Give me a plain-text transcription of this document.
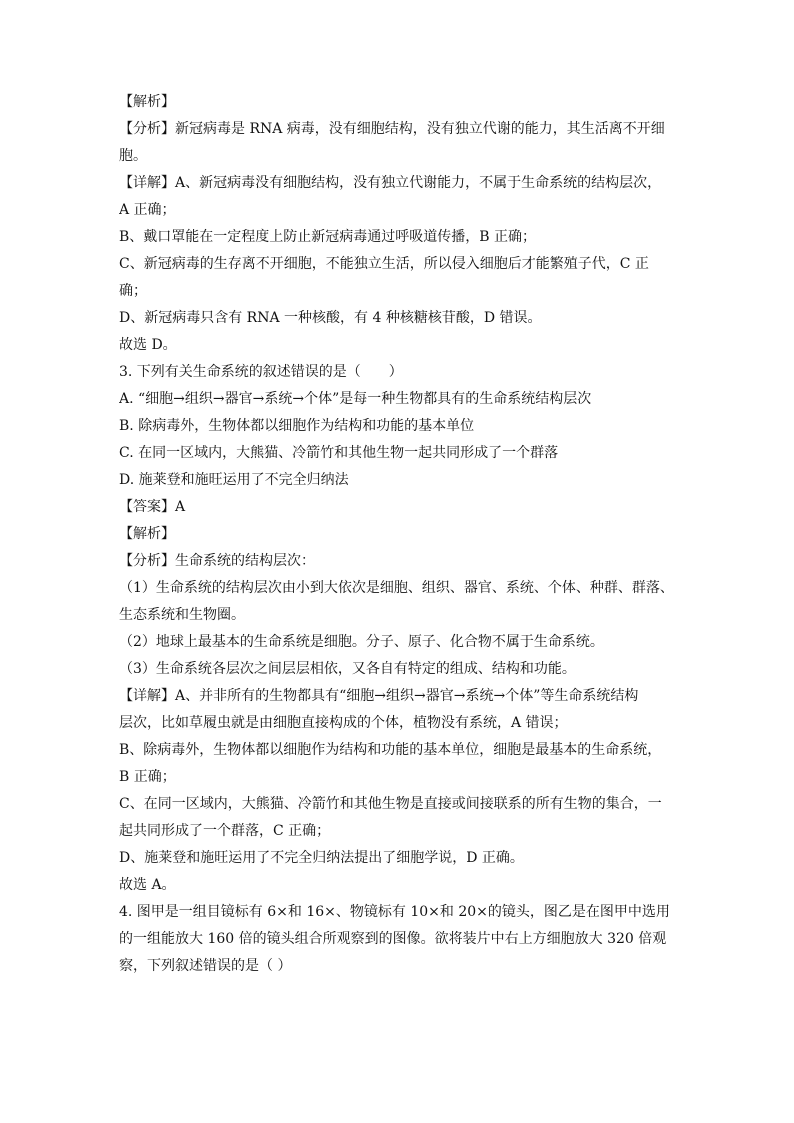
【解析】
【分析】新冠病毒是 RNA 病毒，没有细胞结构，没有独立代谢的能力，其生活离不开细
胞。
【详解】A、新冠病毒没有细胞结构，没有独立代谢能力，不属于生命系统的结构层次，
A 正确；
B、戴口罩能在一定程度上防止新冠病毒通过呼吸道传播，B 正确；
C、新冠病毒的生存离不开细胞，不能独立生活，所以侵入细胞后才能繁殖子代，C 正
确；
D、新冠病毒只含有 RNA 一种核酸，有 4 种核糖核苷酸，D 错误。
故选 D。
3. 下列有关生命系统的叙述错误的是（　　）
A. “细胞→组织→器官→系统→个体”是每一种生物都具有的生命系统结构层次
B. 除病毒外，生物体都以细胞作为结构和功能的基本单位
C. 在同一区域内，大熊猫、冷箭竹和其他生物一起共同形成了一个群落
D. 施莱登和施旺运用了不完全归纳法
【答案】A
【解析】
【分析】生命系统的结构层次：
（1）生命系统的结构层次由小到大依次是细胞、组织、器官、系统、个体、种群、群落、
生态系统和生物圈。
（2）地球上最基本的生命系统是细胞。分子、原子、化合物不属于生命系统。
（3）生命系统各层次之间层层相依，又各自有特定的组成、结构和功能。
【详解】A、并非所有的生物都具有“细胞→组织→器官→系统→个体”等生命系统结构
层次，比如草履虫就是由细胞直接构成的个体，植物没有系统，A 错误；
B、除病毒外，生物体都以细胞作为结构和功能的基本单位，细胞是最基本的生命系统，
B 正确；
C、在同一区域内，大熊猫、冷箭竹和其他生物是直接或间接联系的所有生物的集合，一
起共同形成了一个群落，C 正确；
D、施莱登和施旺运用了不完全归纳法提出了细胞学说，D 正确。
故选 A。
4. 图甲是一组目镜标有 6×和 16×、物镜标有 10×和 20×的镜头，图乙是在图甲中选用
的一组能放大 160 倍的镜头组合所观察到的图像。欲将装片中右上方细胞放大 320 倍观
察，下列叙述错误的是（ ）
